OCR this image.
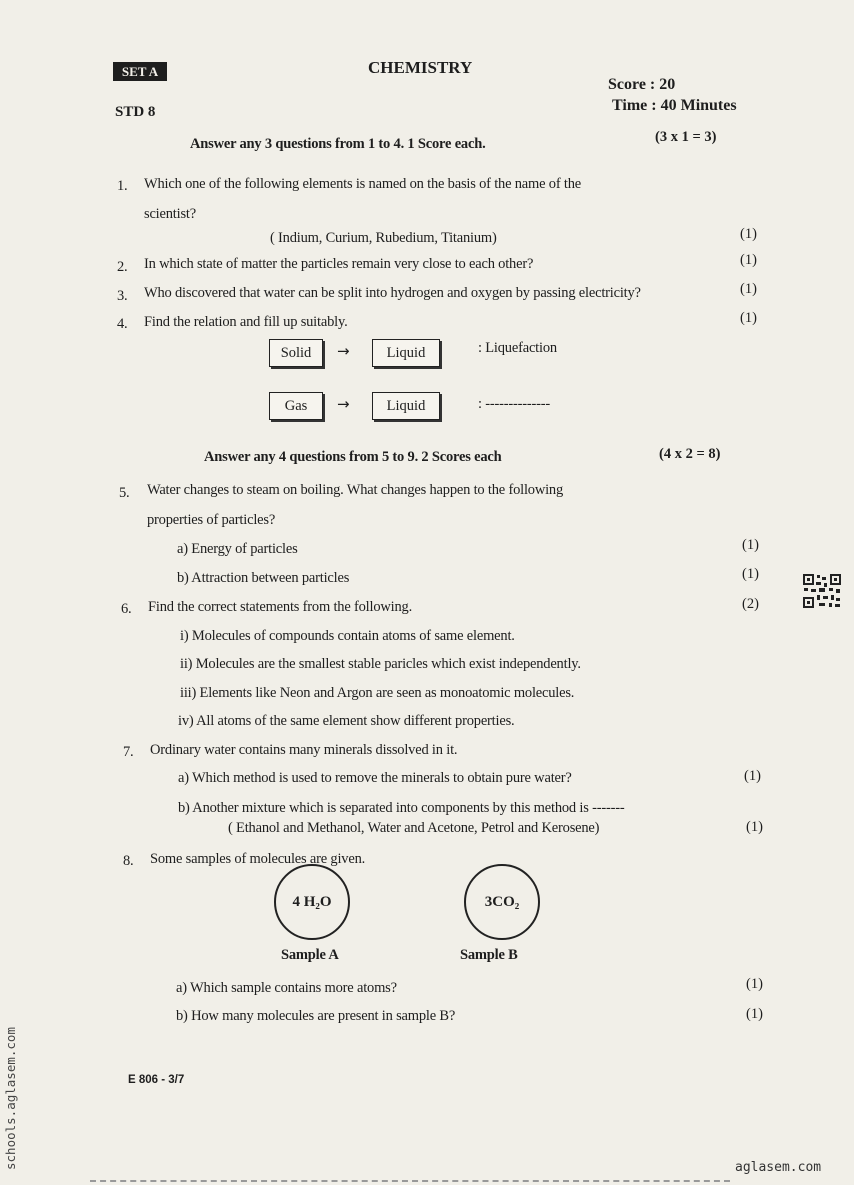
SET A	CHEMISTRY
STD 8
Score : 20
Time : 40 Minutes
Answer any 3 questions from 1 to 4. 1 Score each.	(3 x 1 = 3)
1. Which one of the following elements is named on the basis of the name of the
scientist?
( Indium, Curium, Rubedium, Titanium)	(1)
2. In which state of matter the particles remain very close to each other?	(1)
3. Who discovered that water can be split into hydrogen and oxygen by passing electricity?	(1)
4. Find the relation and fill up suitably.	(1)
Solid	→	Liquid	: Liquefaction
Gas	→	Liquid	: --------------
Answer any 4 questions from 5 to 9. 2 Scores each	(4 x 2 = 8)
5. Water changes to steam on boiling. What changes happen to the following
properties of particles?
a) Energy of particles	(1)
b) Attraction between particles	(1)
6. Find the correct statements from the following.	(2)
i) Molecules of compounds contain atoms of same element.
ii) Molecules are the smallest stable paricles which exist independently.
iii) Elements like Neon and Argon are seen as monoatomic molecules.
iv) All atoms of the same element show different properties.
7. Ordinary water contains many minerals dissolved in it.
a) Which method is used to remove the minerals to obtain pure water?	(1)
b) Another mixture which is separated into components by this method is -------
( Ethanol and Methanol, Water and Acetone, Petrol and Kerosene)	(1)
8. Some samples of molecules are given.
4 H₂O
Sample A
3CO₂
Sample B
a) Which sample contains more atoms?	(1)
b) How many molecules are present in sample B?	(1)
E 806 - 3/7
schools.aglasem.com	aglasem.com
